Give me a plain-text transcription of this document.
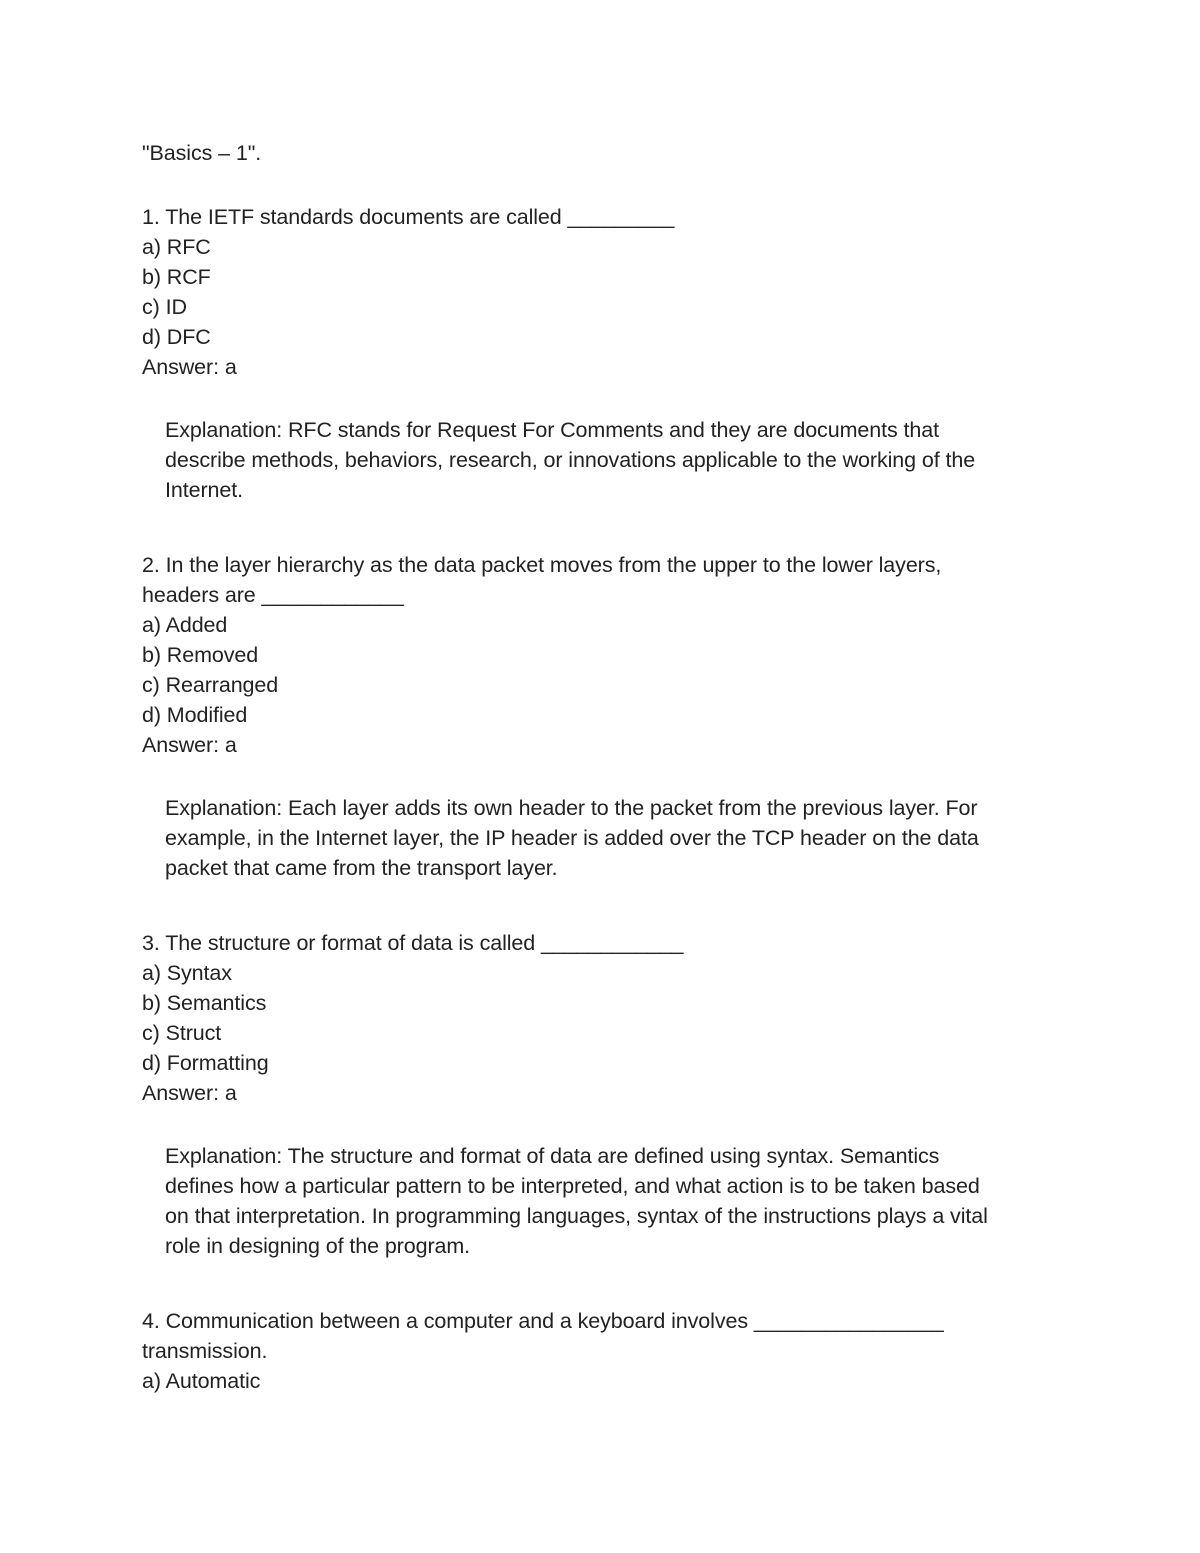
"Basics – 1".
1. The IETF standards documents are called _________
a) RFC
b) RCF
c) ID
d) DFC
Answer: a
Explanation: RFC stands for Request For Comments and they are documents that
describe methods, behaviors, research, or innovations applicable to the working of the
Internet.
2. In the layer hierarchy as the data packet moves from the upper to the lower layers,
headers are ____________
a) Added
b) Removed
c) Rearranged
d) Modified
Answer: a
Explanation: Each layer adds its own header to the packet from the previous layer. For
example, in the Internet layer, the IP header is added over the TCP header on the data
packet that came from the transport layer.
3. The structure or format of data is called ____________
a) Syntax
b) Semantics
c) Struct
d) Formatting
Answer: a
Explanation: The structure and format of data are defined using syntax. Semantics
defines how a particular pattern to be interpreted, and what action is to be taken based
on that interpretation. In programming languages, syntax of the instructions plays a vital
role in designing of the program.
4. Communication between a computer and a keyboard involves ________________
transmission.
a) Automatic
